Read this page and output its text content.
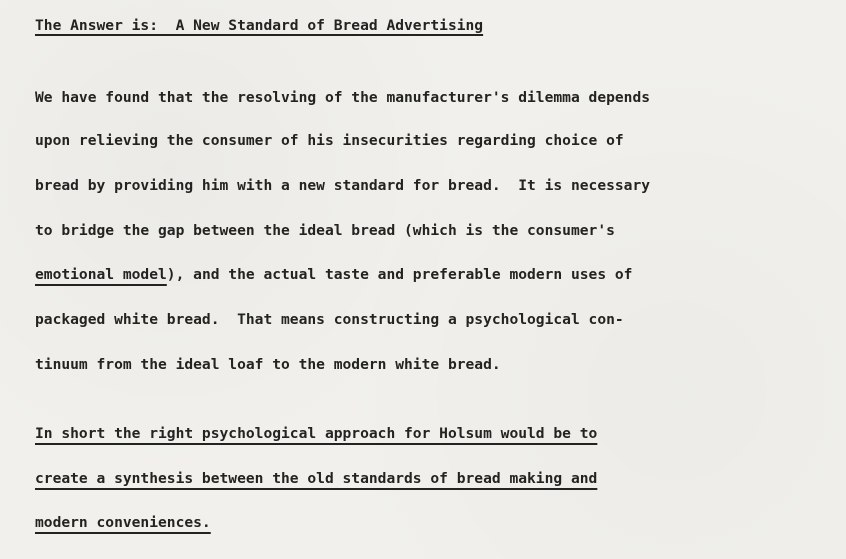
The Answer is:  A New Standard of Bread Advertising
We have found that the resolving of the manufacturer's dilemma depends
upon relieving the consumer of his insecurities regarding choice of
bread by providing him with a new standard for bread.  It is necessary
to bridge the gap between the ideal bread (which is the consumer's
emotional model), and the actual taste and preferable modern uses of
packaged white bread.  That means constructing a psychological con-
tinuum from the ideal loaf to the modern white bread.
In short the right psychological approach for Holsum would be to
create a synthesis between the old standards of bread making and
modern conveniences.
